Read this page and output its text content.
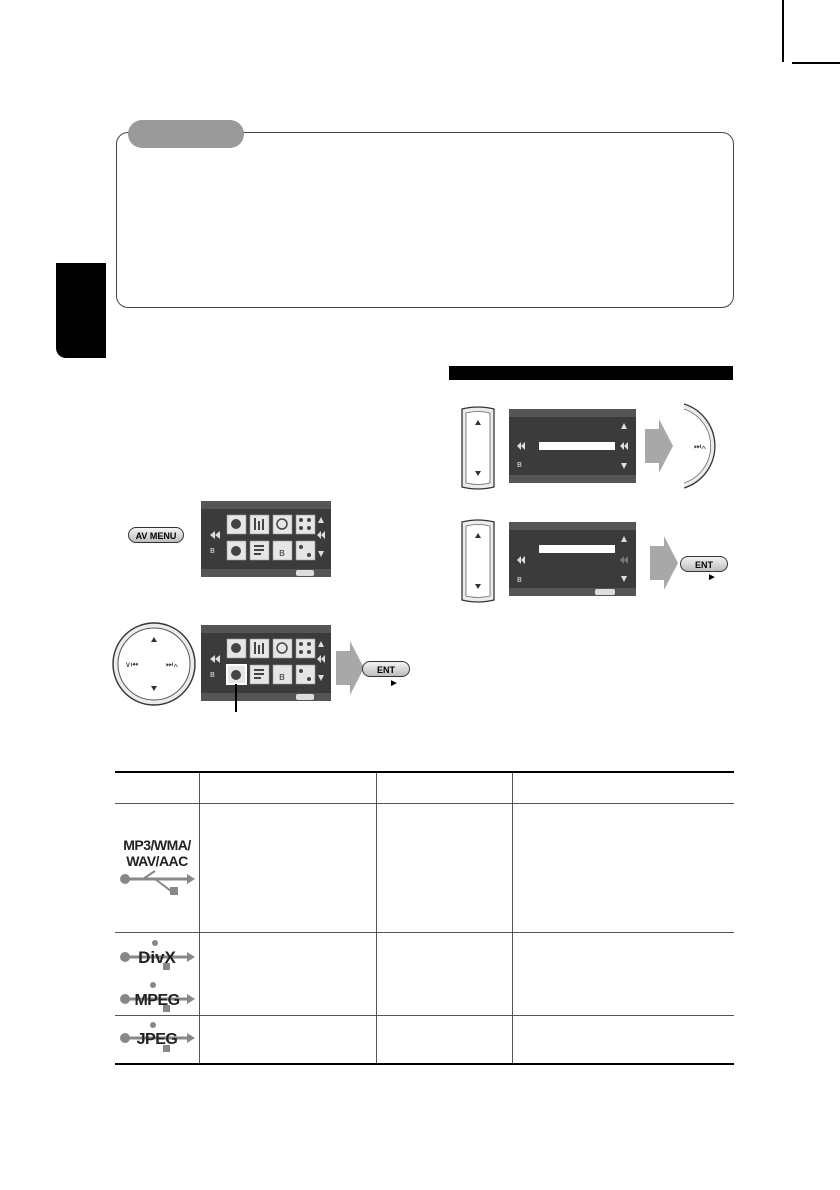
AV MENU
ʙ
ʙ
∨⏮	⏭∧
ʙ
ʙ	ENT
►
ʙ
⏭∧
ʙ
ENT
►

MP3/WMA/
WAV/AAC			

DivX
MPEG			

JPEG			
